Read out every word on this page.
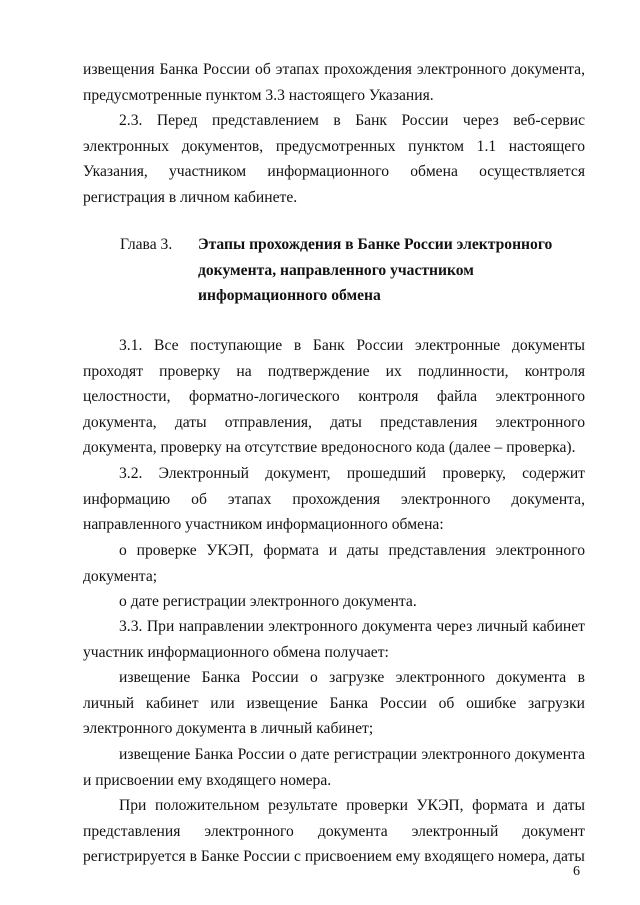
извещения Банка России об этапах прохождения электронного документа, предусмотренные пунктом 3.3 настоящего Указания.

2.3. Перед представлением в Банк России через веб-сервис электронных документов, предусмотренных пунктом 1.1 настоящего Указания, участником информационного обмена осуществляется регистрация в личном кабинете.

Глава 3. Этапы прохождения в Банке России электронного
документа, направленного участником
информационного обмена

3.1. Все поступающие в Банк России электронные документы проходят проверку на подтверждение их подлинности, контроля целостности, форматно-логического контроля файла электронного документа, даты отправления, даты представления электронного документа, проверку на отсутствие вредоносного кода (далее – проверка).

3.2. Электронный документ, прошедший проверку, содержит информацию об этапах прохождения электронного документа, направленного участником информационного обмена:

о проверке УКЭП, формата и даты представления электронного документа;

о дате регистрации электронного документа.

3.3. При направлении электронного документа через личный кабинет участник информационного обмена получает:

извещение Банка России о загрузке электронного документа в личный кабинет или извещение Банка России об ошибке загрузки электронного документа в личный кабинет;

извещение Банка России о дате регистрации электронного документа и присвоении ему входящего номера.

При положительном результате проверки УКЭП, формата и даты представления электронного документа электронный документ регистрируется в Банке России с присвоением ему входящего номера, даты

6
